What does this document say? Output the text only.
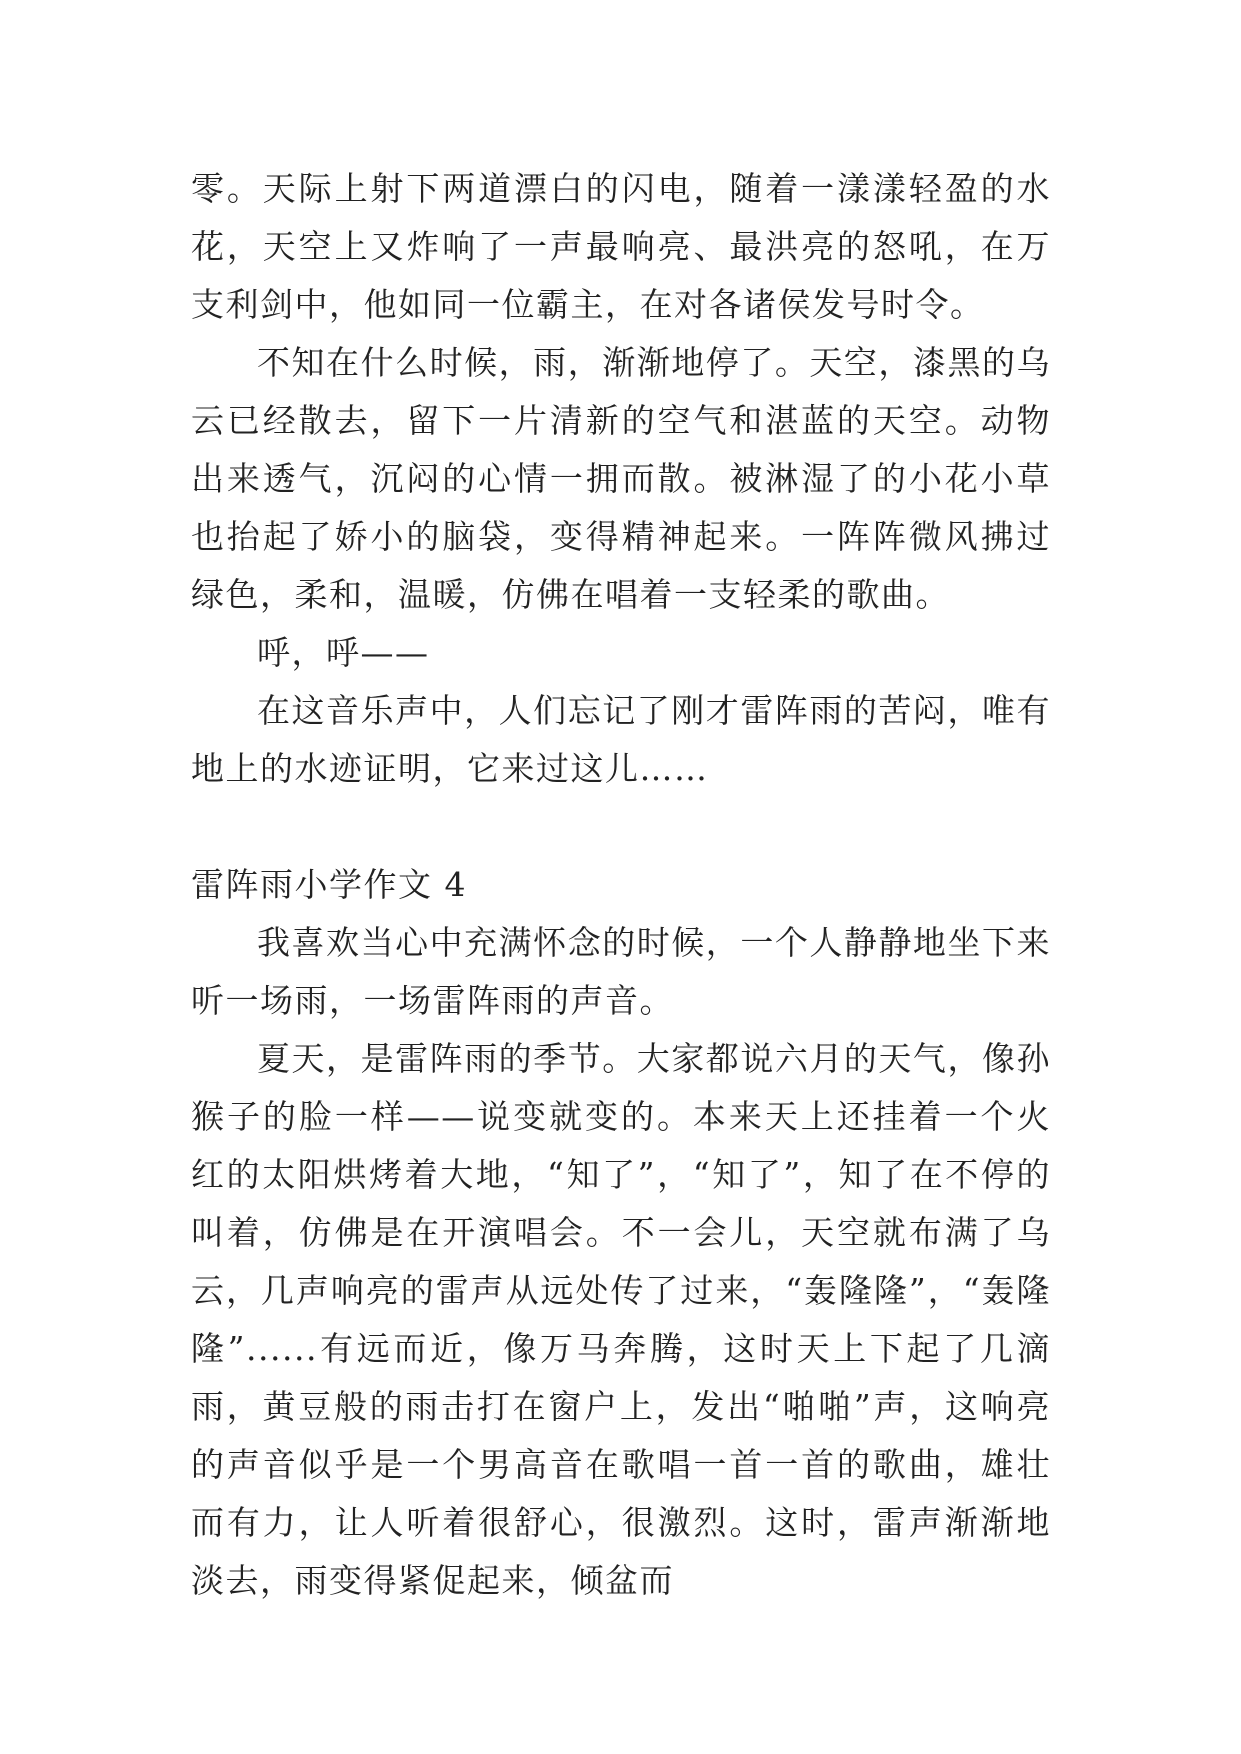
零。天际上射下两道漂白的闪电，随着一漾漾轻盈的水花，天空上又炸响了一声最响亮、最洪亮的怒吼，在万支利剑中，他如同一位霸主，在对各诸侯发号时令。

不知在什么时候，雨，渐渐地停了。天空，漆黑的乌云已经散去，留下一片清新的空气和湛蓝的天空。动物出来透气，沉闷的心情一拥而散。被淋湿了的小花小草也抬起了娇小的脑袋，变得精神起来。一阵阵微风拂过绿色，柔和，温暖，仿佛在唱着一支轻柔的歌曲。

呼，呼——

在这音乐声中，人们忘记了刚才雷阵雨的苦闷，唯有地上的水迹证明，它来过这儿……

雷阵雨小学作文 4

我喜欢当心中充满怀念的时候，一个人静静地坐下来听一场雨，一场雷阵雨的声音。

夏天，是雷阵雨的季节。大家都说六月的天气，像孙猴子的脸一样——说变就变的。本来天上还挂着一个火红的太阳烘烤着大地，“知了”，“知了”，知了在不停的叫着，仿佛是在开演唱会。不一会儿，天空就布满了乌云，几声响亮的雷声从远处传了过来，“轰隆隆”，“轰隆隆”......有远而近，像万马奔腾，这时天上下起了几滴雨，黄豆般的雨击打在窗户上，发出“啪啪”声，这响亮的声音似乎是一个男高音在歌唱一首一首的歌曲，雄壮而有力，让人听着很舒心，很激烈。这时，雷声渐渐地淡去，雨变得紧促起来，倾盆而
